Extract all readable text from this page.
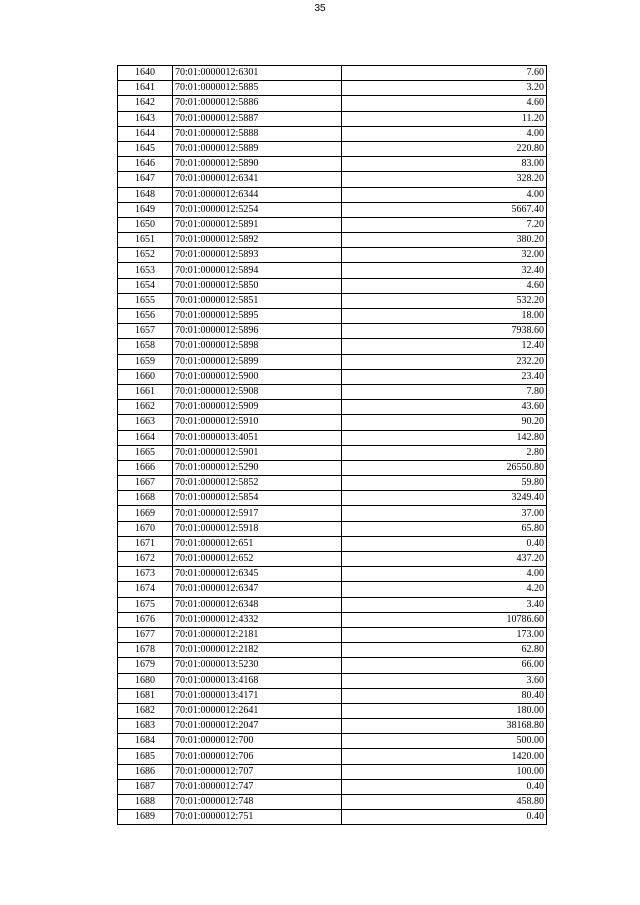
35
1640	70:01:0000012:6301	7.60
1641	70:01:0000012:5885	3.20
1642	70:01:0000012:5886	4.60
1643	70:01:0000012:5887	11.20
1644	70:01:0000012:5888	4.00
1645	70:01:0000012:5889	220.80
1646	70:01:0000012:5890	83.00
1647	70:01:0000012:6341	328.20
1648	70:01:0000012:6344	4.00
1649	70:01:0000012:5254	5667.40
1650	70:01:0000012:5891	7.20
1651	70:01:0000012:5892	380.20
1652	70:01:0000012:5893	32.00
1653	70:01:0000012:5894	32.40
1654	70:01:0000012:5850	4.60
1655	70:01:0000012:5851	532.20
1656	70:01:0000012:5895	18.00
1657	70:01:0000012:5896	7938.60
1658	70:01:0000012:5898	12.40
1659	70:01:0000012:5899	232.20
1660	70:01:0000012:5900	23.40
1661	70:01:0000012:5908	7.80
1662	70:01:0000012:5909	43.60
1663	70:01:0000012:5910	90.20
1664	70:01:0000013:4051	142.80
1665	70:01:0000012:5901	2.80
1666	70:01:0000012:5290	26550.80
1667	70:01:0000012:5852	59.80
1668	70:01:0000012:5854	3249.40
1669	70:01:0000012:5917	37.00
1670	70:01:0000012:5918	65.80
1671	70:01:0000012:651	0.40
1672	70:01:0000012:652	437.20
1673	70:01:0000012:6345	4.00
1674	70:01:0000012:6347	4.20
1675	70:01:0000012:6348	3.40
1676	70:01:0000012:4332	10786.60
1677	70:01:0000012:2181	173.00
1678	70:01:0000012:2182	62.80
1679	70:01:0000013:5230	66.00
1680	70:01:0000013:4168	3.60
1681	70:01:0000013:4171	80.40
1682	70:01:0000012:2641	180.00
1683	70:01:0000012:2047	38168.80
1684	70:01:0000012:700	500.00
1685	70:01:0000012:706	1420.00
1686	70:01:0000012:707	100.00
1687	70:01:0000012:747	0.40
1688	70:01:0000012:748	458.80
1689	70:01:0000012:751	0.40
